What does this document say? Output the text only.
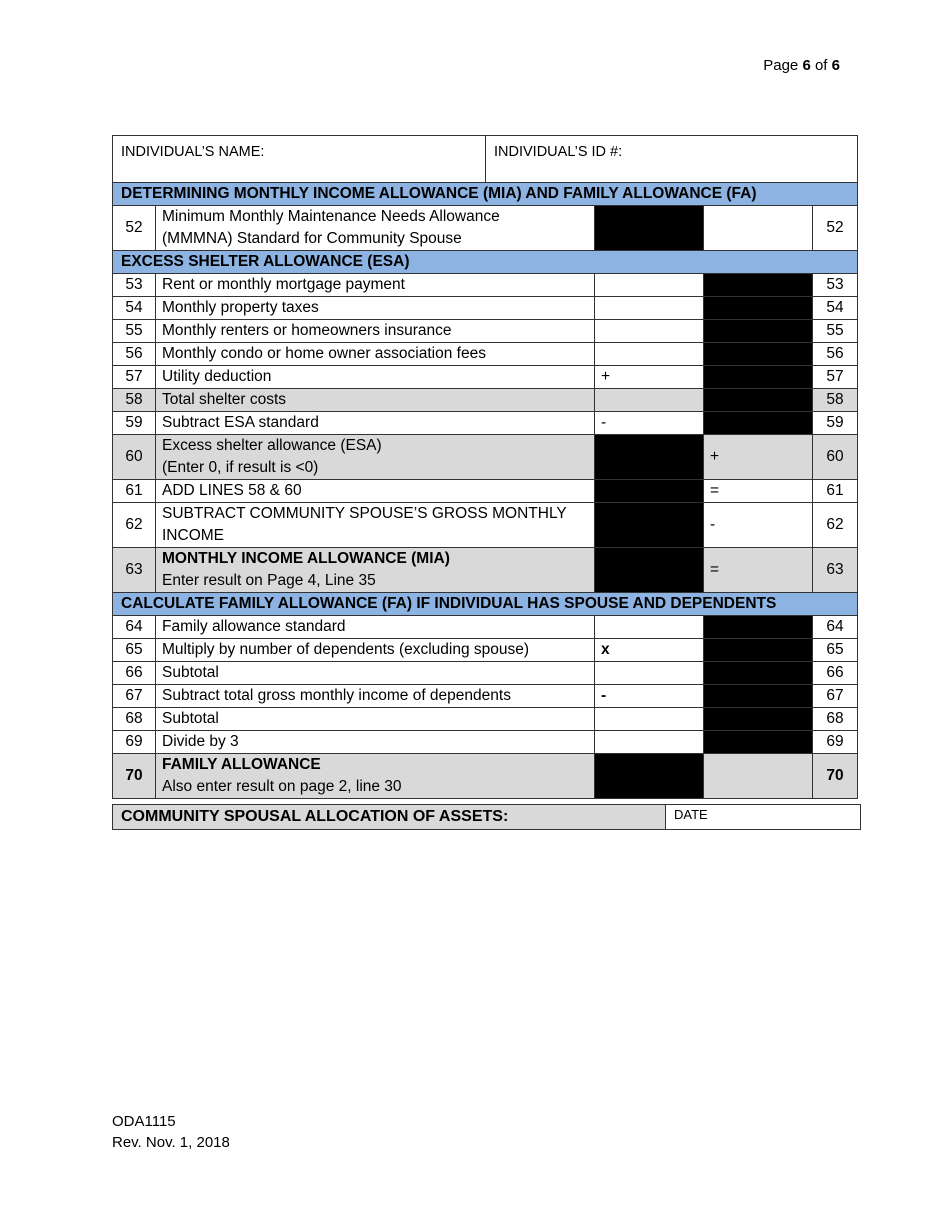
Page 6 of 6
INDIVIDUAL’S NAME:		INDIVIDUAL’S ID #:			
DETERMINING MONTHLY INCOME ALLOWANCE (MIA) AND FAMILY ALLOWANCE (FA)					
52	Minimum Monthly Maintenance Needs Allowance
(MMMNA) Standard for Community Spouse				52
EXCESS SHELTER ALLOWANCE (ESA)					
53	Rent or monthly mortgage payment				53
54	Monthly property taxes				54
55	Monthly renters or homeowners insurance				55
56	Monthly condo or home owner association fees				56
57	Utility deduction		+		57
58	Total shelter costs				58
59	Subtract ESA standard		-		59
60	Excess shelter allowance (ESA)
(Enter 0, if result is <0)			+	60
61	ADD LINES 58 & 60			=	61
62	SUBTRACT COMMUNITY SPOUSE’S GROSS MONTHLY
INCOME			-	62
63	MONTHLY INCOME ALLOWANCE (MIA)
Enter result on Page 4, Line 35			=	63
CALCULATE FAMILY ALLOWANCE (FA) IF INDIVIDUAL HAS SPOUSE AND DEPENDENTS					
64	Family allowance standard				64
65	Multiply by number of dependents (excluding spouse)		x		65
66	Subtotal				66
67	Subtract total gross monthly income of dependents		-		67
68	Subtotal				68
69	Divide by 3				69
70	FAMILY ALLOWANCE
Also enter result on page 2, line 30				70
COMMUNITY SPOUSAL ALLOCATION OF ASSETS:	DATE
ODA1115
Rev. Nov. 1, 2018
